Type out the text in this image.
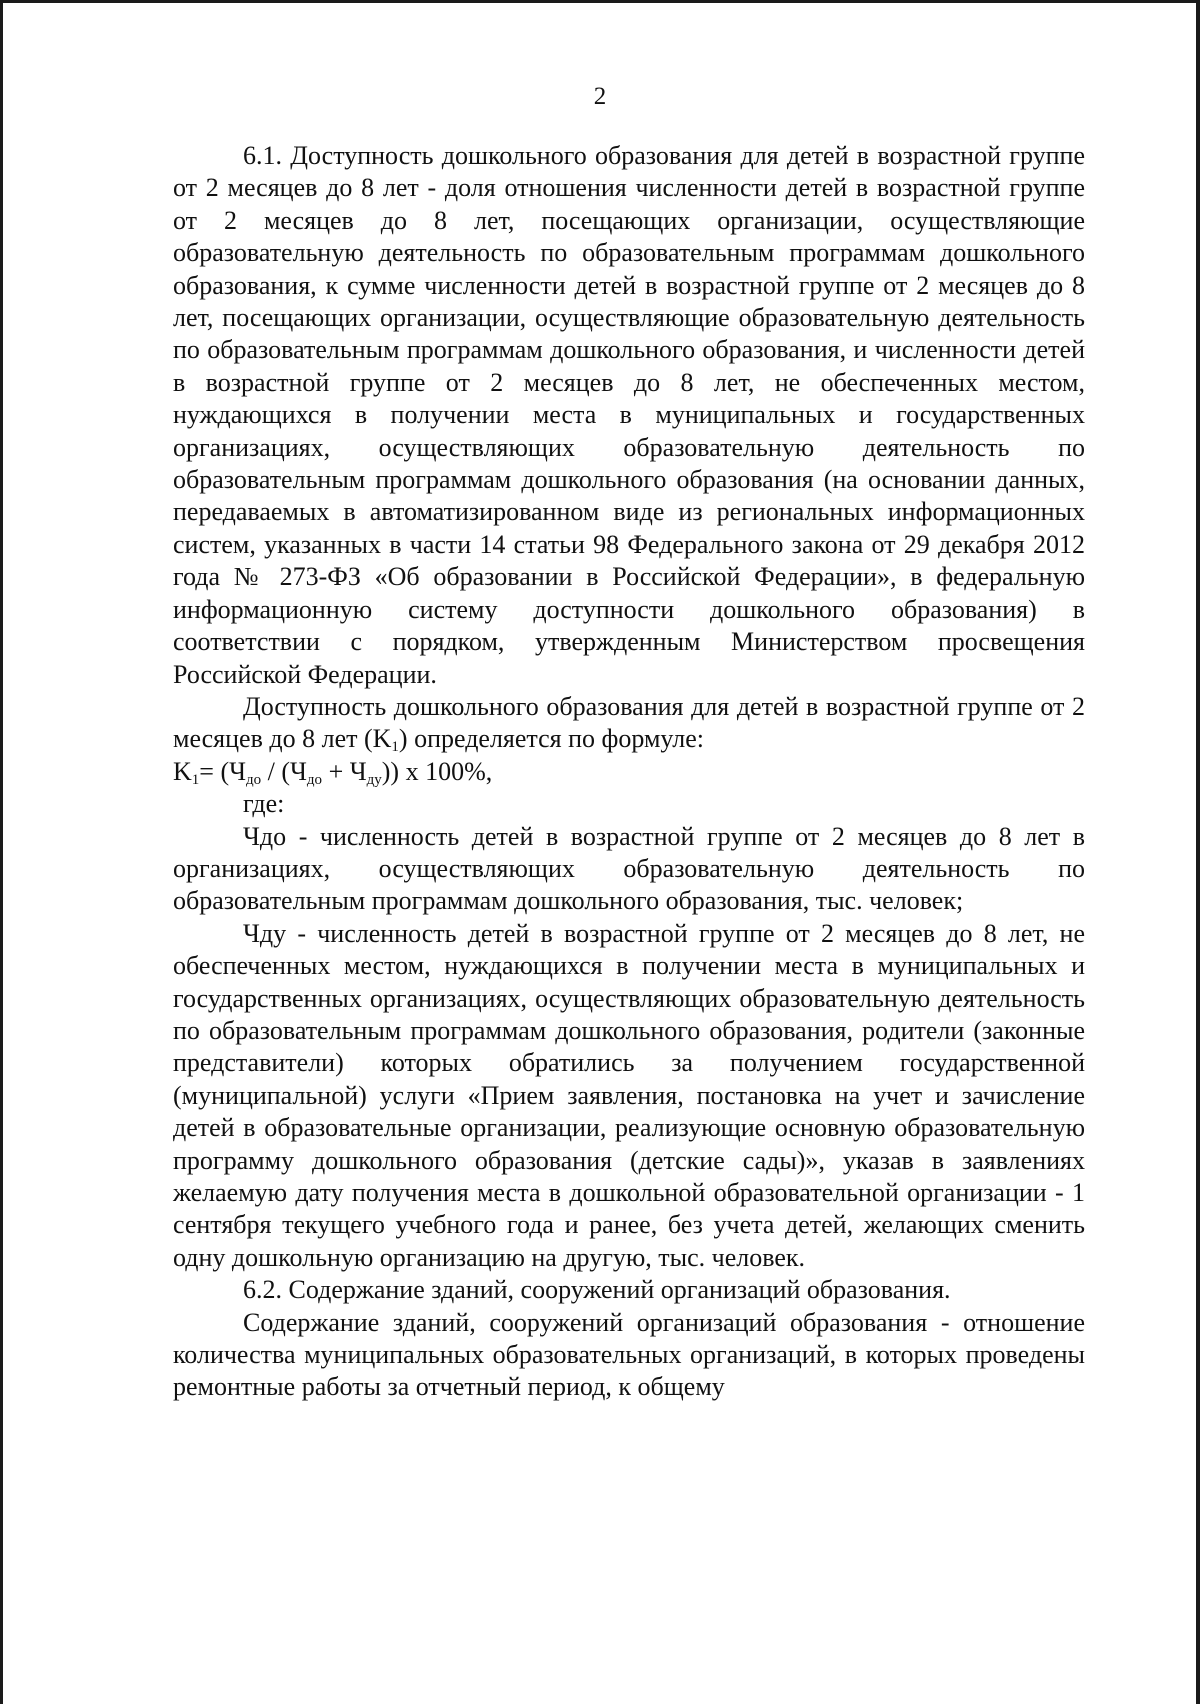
2

6.1. Доступность дошкольного образования для детей в возрастной группе от 2 месяцев до 8 лет - доля отношения численности детей в возрастной группе от 2 месяцев до 8 лет, посещающих организации, осуществляющие образовательную деятельность по образовательным программам дошкольного образования, к сумме численности детей в возрастной группе от 2 месяцев до 8 лет, посещающих организации, осуществляющие образовательную деятельность по образовательным программам дошкольного образования, и численности детей в возрастной группе от 2 месяцев до 8 лет, не обеспеченных местом, нуждающихся в получении места в муниципальных и государственных организациях, осуществляющих образовательную деятельность по образовательным программам дошкольного образования (на основании данных, передаваемых в автоматизированном виде из региональных информационных систем, указанных в части 14 статьи 98 Федерального закона от 29 декабря 2012 года № 273-ФЗ «Об образовании в Российской Федерации», в федеральную информационную систему доступности дошкольного образования) в соответствии с порядком, утвержденным Министерством просвещения Российской Федерации.

Доступность дошкольного образования для детей в возрастной группе от 2 месяцев до 8 лет $(K_1)$ определяется по формуле:

$K_1= (Ч_{до} / (Ч_{до} + Ч_{ду}))$ x 100%,

где:

Чдо - численность детей в возрастной группе от 2 месяцев до 8 лет в организациях, осуществляющих образовательную деятельность по образовательным программам дошкольного образования, тыс. человек;

Чду - численность детей в возрастной группе от 2 месяцев до 8 лет, не обеспеченных местом, нуждающихся в получении места в муниципальных и государственных организациях, осуществляющих образовательную деятельность по образовательным программам дошкольного образования, родители (законные представители) которых обратились за получением государственной (муниципальной) услуги «Прием заявления, постановка на учет и зачисление детей в образовательные организации, реализующие основную образовательную программу дошкольного образования (детские сады)», указав в заявлениях желаемую дату получения места в дошкольной образовательной организации - 1 сентября текущего учебного года и ранее, без учета детей, желающих сменить одну дошкольную организацию на другую, тыс. человек.

6.2. Содержание зданий, сооружений организаций образования.

Содержание зданий, сооружений организаций образования - отношение количества муниципальных образовательных организаций, в которых проведены ремонтные работы за отчетный период, к общему
